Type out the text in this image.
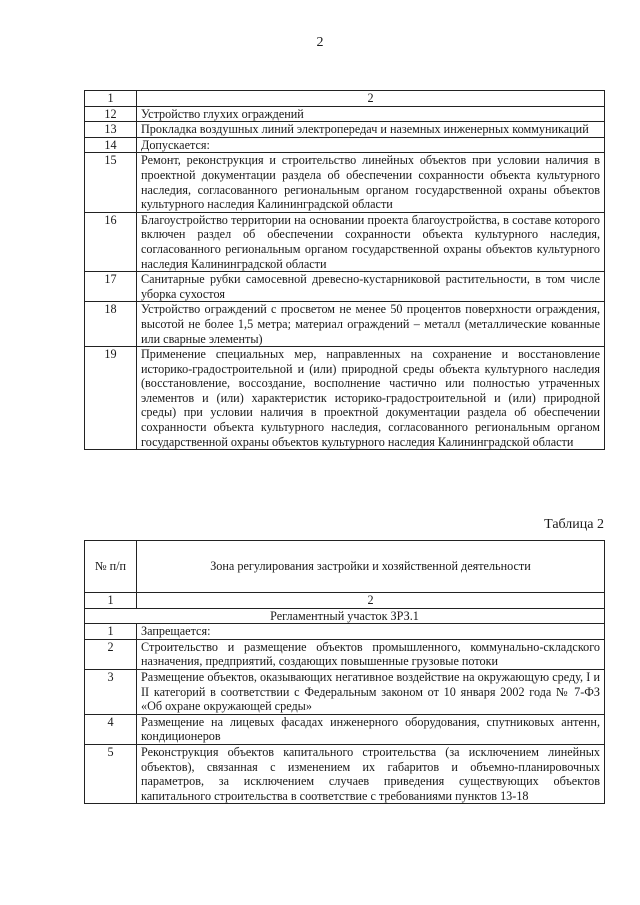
2
1	2
12	Устройство глухих ограждений
13	Прокладка воздушных линий электропередач и наземных инженерных коммуникаций
14	Допускается:
15	Ремонт, реконструкция и строительство линейных объектов при условии наличия в проектной документации раздела об обеспечении сохранности объекта культурного наследия, согласованного региональным органом государственной охраны объектов культурного наследия Калининградской области
16	Благоустройство территории на основании проекта благоустройства, в составе которого включен раздел об обеспечении сохранности объекта культурного наследия, согласованного региональным органом государственной охраны объектов культурного наследия Калининградской области
17	Санитарные рубки самосевной древесно-кустарниковой растительности, в том числе уборка сухостоя
18	Устройство ограждений с просветом не менее 50 процентов поверхности ограждения, высотой не более 1,5 метра; материал ограждений – металл (металлические кованные или сварные элементы)
19	Применение специальных мер, направленных на сохранение и восстановление историко-градостроительной и (или) природной среды объекта культурного наследия (восстановление, воссоздание, восполнение частично или полностью утраченных элементов и (или) характеристик историко-градостроительной и (или) природной среды) при условии наличия в проектной документации раздела об обеспечении сохранности объекта культурного наследия, согласованного региональным органом государственной охраны объектов культурного наследия Калининградской области
Таблица 2
№ п/п	Зона регулирования застройки и хозяйственной деятельности
1	2
Регламентный участок ЗРЗ.1	
1	Запрещается:
2	Строительство и размещение объектов промышленного, коммунально-складского назначения, предприятий, создающих повышенные грузовые потоки
3	Размещение объектов, оказывающих негативное воздействие на окружающую среду, I и II категорий в соответствии с Федеральным законом от 10 января 2002 года № 7-ФЗ «Об охране окружающей среды»
4	Размещение на лицевых фасадах инженерного оборудования, спутниковых антенн, кондиционеров
5	Реконструкция объектов капитального строительства (за исключением линейных объектов), связанная с изменением их габаритов и объемно-планировочных параметров, за исключением случаев приведения существующих объектов капитального строительства в соответствие с требованиями пунктов 13-18
